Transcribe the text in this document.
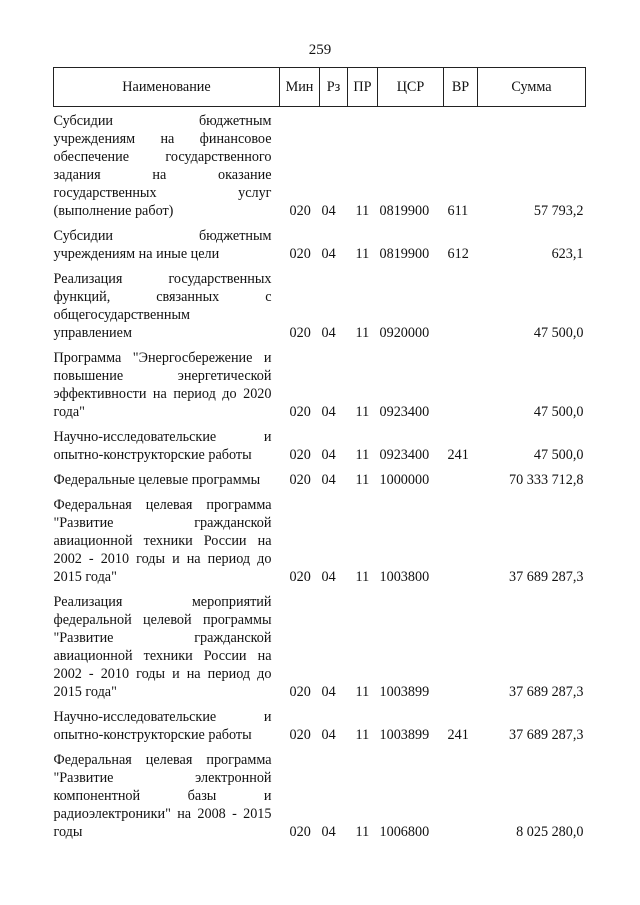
259
Наименование	Мин	Рз	ПР	ЦСР	ВР	Сумма
Субсидии бюджетным учреждениям на финансовое обеспечение государственного задания на оказание государственных услуг (выполнение работ)	020	04	11	0819900	611	57 793,2
Субсидии бюджетным учреждениям на иные цели	020	04	11	0819900	612	623,1
Реализация государственных функций, связанных с общегосударственным управлением	020	04	11	0920000		47 500,0
Программа "Энергосбережение и повышение энергетической эффективности на период до 2020 года"	020	04	11	0923400		47 500,0
Научно-исследовательские и опытно-конструкторские работы	020	04	11	0923400	241	47 500,0
Федеральные целевые программы	020	04	11	1000000		70 333 712,8
Федеральная целевая программа "Развитие гражданской авиационной техники России на 2002 - 2010 годы и на период до 2015 года"	020	04	11	1003800		37 689 287,3
Реализация мероприятий федеральной целевой программы "Развитие гражданской авиационной техники России на 2002 - 2010 годы и на период до 2015 года"	020	04	11	1003899		37 689 287,3
Научно-исследовательские и опытно-конструкторские работы	020	04	11	1003899	241	37 689 287,3
Федеральная целевая программа "Развитие электронной компонентной базы и радиоэлектроники" на 2008 - 2015 годы	020	04	11	1006800		8 025 280,0
